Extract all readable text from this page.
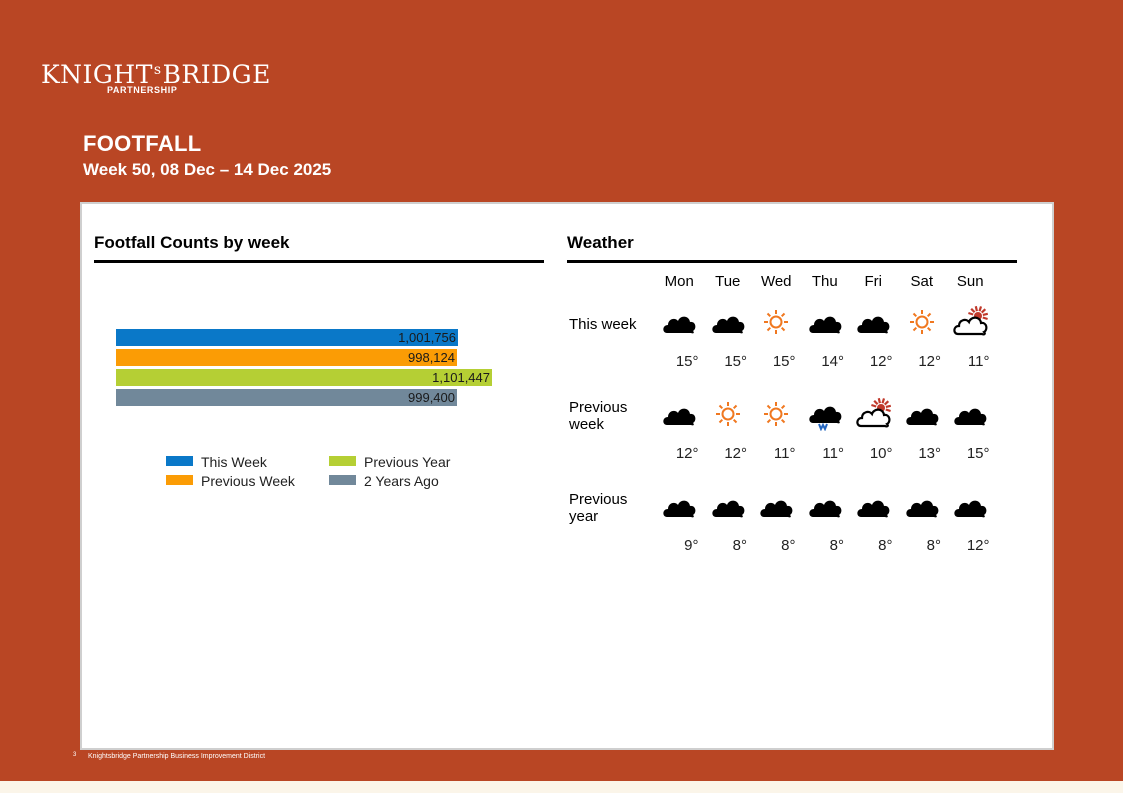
KNIGHT$^s$BRIDGE
PARTNERSHIP
FOOTFALL
Week 50, 08 Dec – 14 Dec 2025
Footfall Counts by week
1,001,756
998,124
1,101,447
999,400
This Week
Previous Week
Previous Year
2 Years Ago
Weather
Mon	Tue	Wed	Thu	Fri	Sat	Sun
This week
15°	15°	15°	14°	12°	12°	11°
Previous week
12°	12°	11°	11°	10°	13°	15°
Previous year
9°	8°	8°	8°	8°	8°	12°
3 Knightsbridge Partnership Business Improvement District
